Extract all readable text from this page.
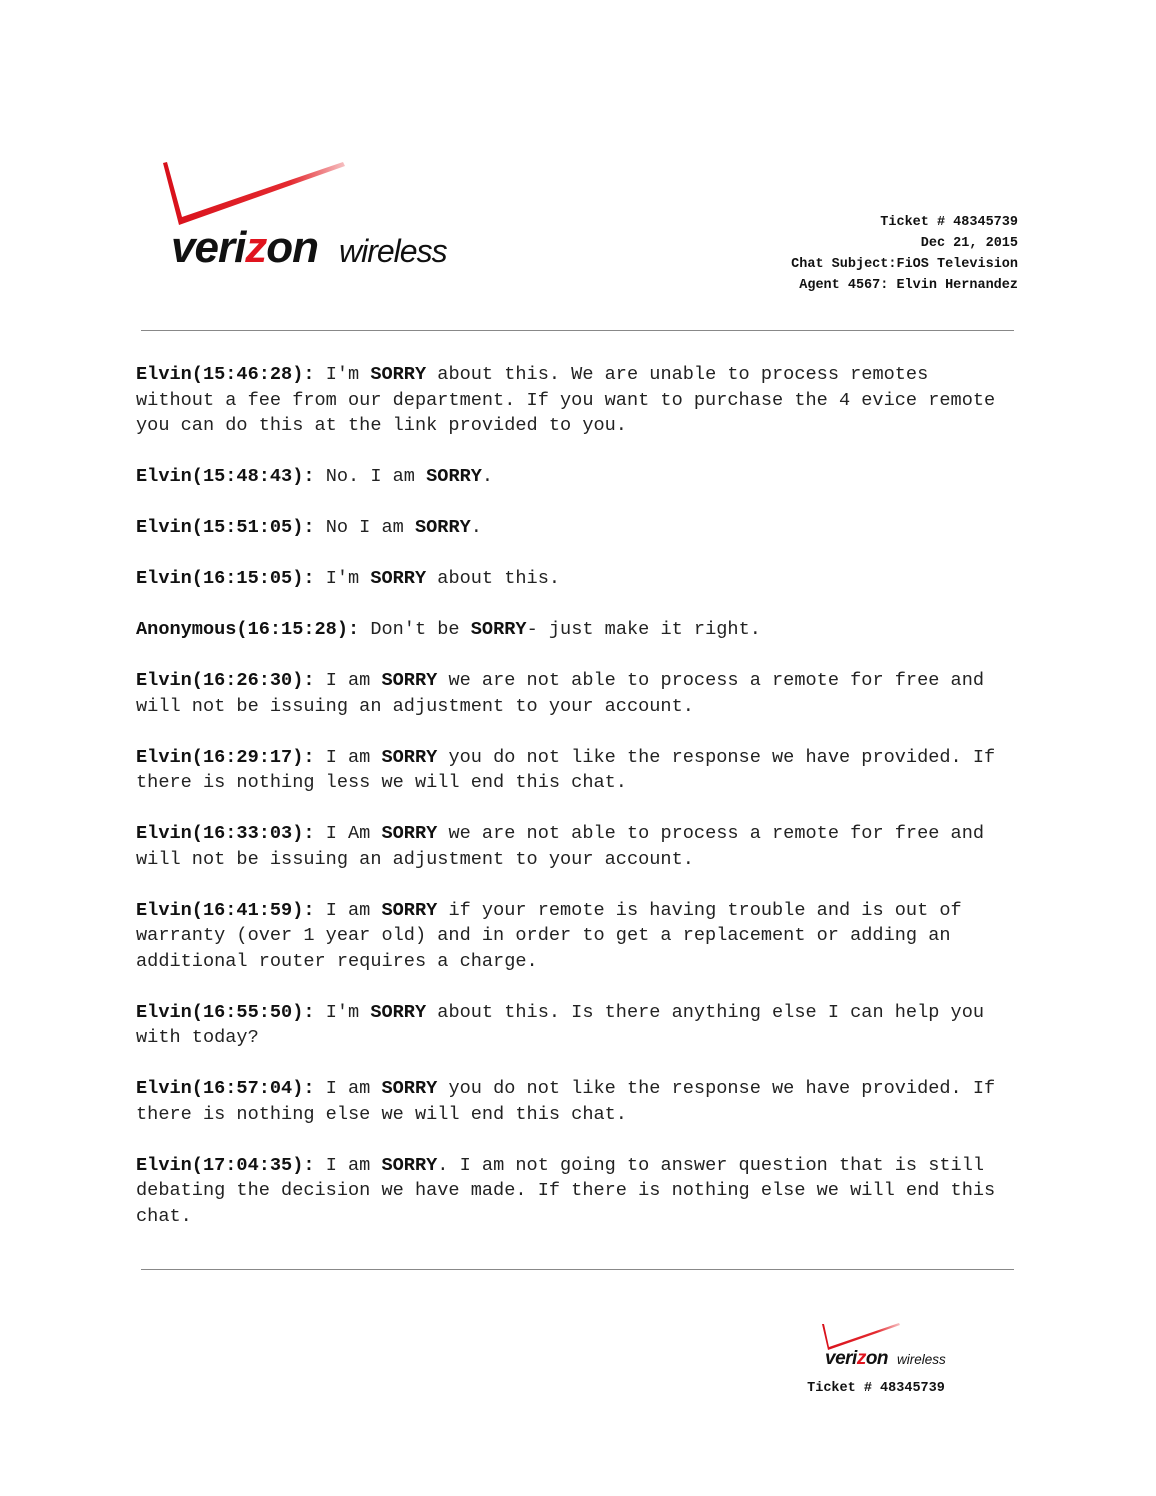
verizon wireless
Ticket # 48345739
Dec 21, 2015
Chat Subject:FiOS Television
Agent 4567: Elvin Hernandez

Elvin(15:46:28): I'm SORRY about this. We are unable to process remotes
without a fee from our department. If you want to purchase the 4 evice remote
you can do this at the link provided to you.

Elvin(15:48:43): No. I am SORRY.

Elvin(15:51:05): No I am SORRY.

Elvin(16:15:05): I'm SORRY about this.

Anonymous(16:15:28): Don't be SORRY- just make it right.

Elvin(16:26:30): I am SORRY we are not able to process a remote for free and
will not be issuing an adjustment to your account.

Elvin(16:29:17): I am SORRY you do not like the response we have provided. If
there is nothing less we will end this chat.

Elvin(16:33:03): I Am SORRY we are not able to process a remote for free and
will not be issuing an adjustment to your account.

Elvin(16:41:59): I am SORRY if your remote is having trouble and is out of
warranty (over 1 year old) and in order to get a replacement or adding an
additional router requires a charge.

Elvin(16:55:50): I'm SORRY about this. Is there anything else I can help you
with today?

Elvin(16:57:04): I am SORRY you do not like the response we have provided. If
there is nothing else we will end this chat.

Elvin(17:04:35): I am SORRY. I am not going to answer question that is still
debating the decision we have made. If there is nothing else we will end this
chat.

verizon wireless
Ticket # 48345739
